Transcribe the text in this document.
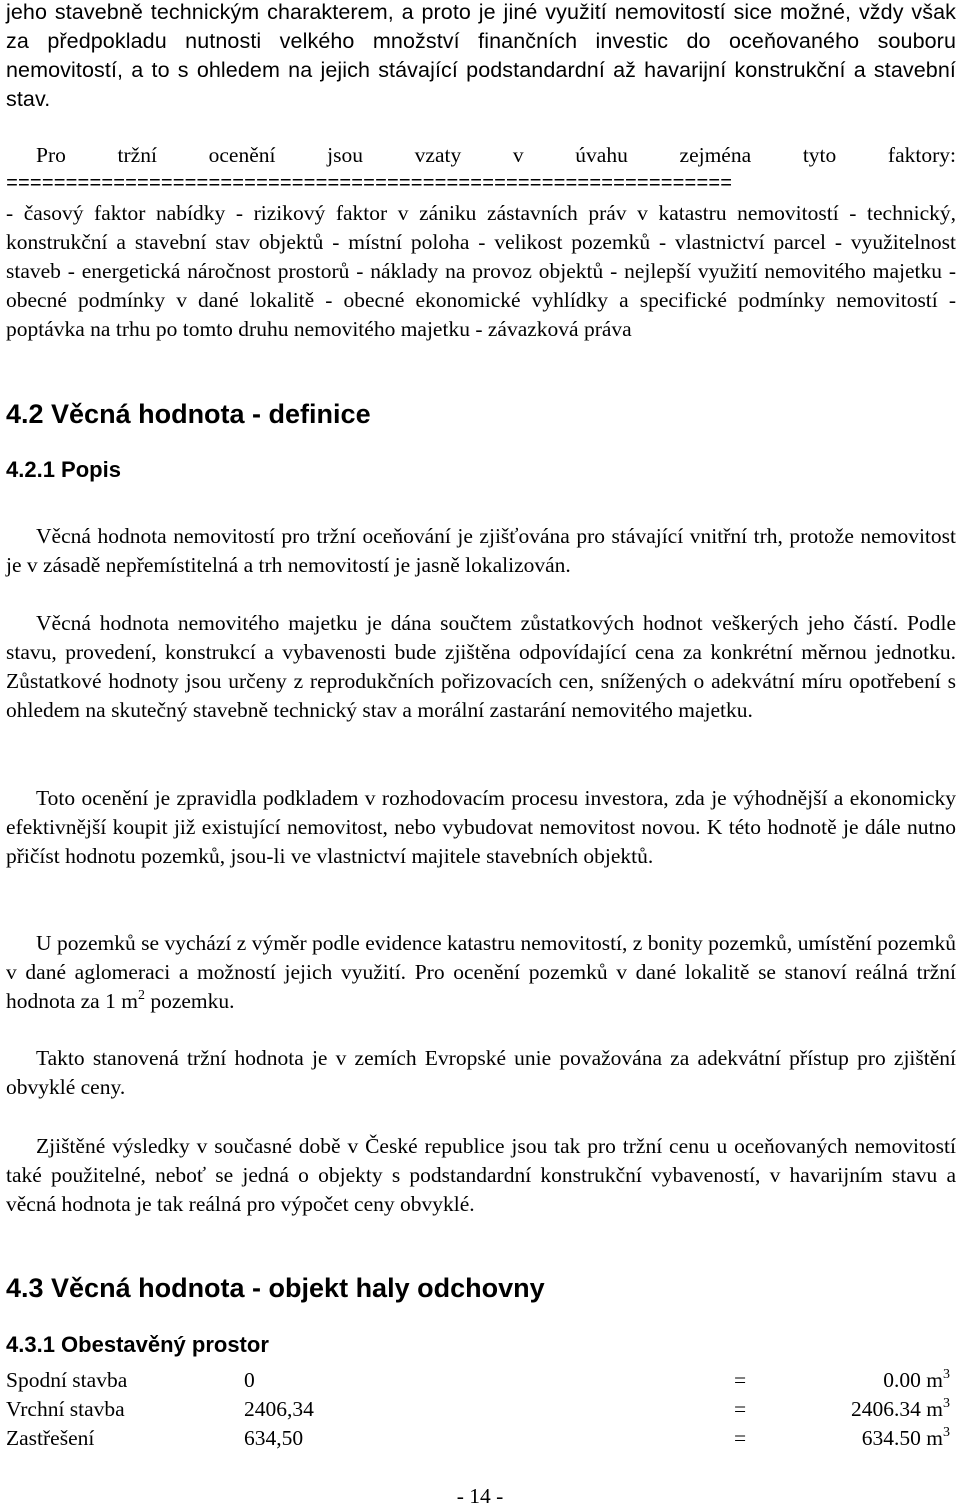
jeho stavebně technickým charakterem, a proto je jiné využití nemovitostí sice možné, vždy však za předpokladu nutnosti velkého množství finančních investic do oceňovaného souboru nemovitostí, a to s ohledem na jejich stávající podstandardní až havarijní konstrukční a stavební stav.

Pro tržní ocenění jsou vzaty v úvahu zejména tyto faktory:

=============================================================

- časový faktor nabídky - rizikový faktor v zániku zástavních práv v katastru nemovitostí - technický, konstrukční a stavební stav objektů - místní poloha - velikost pozemků - vlastnictví parcel - využitelnost staveb - energetická náročnost prostorů - náklady na provoz objektů - nejlepší využití nemovitého majetku - obecné podmínky v dané lokalitě - obecné ekonomické vyhlídky a specifické podmínky nemovitostí - poptávka na trhu po tomto druhu nemovitého majetku - závazková práva

4.2 Věcná hodnota - definice
4.2.1 Popis

Věcná hodnota nemovitostí pro tržní oceňování je zjišťována pro stávající vnitřní trh, protože nemovitost je v zásadě nepřemístitelná a trh nemovitostí je jasně lokalizován.

Věcná hodnota nemovitého majetku je dána součtem zůstatkových hodnot veškerých jeho částí. Podle stavu, provedení, konstrukcí a vybavenosti bude zjištěna odpovídající cena za konkrétní měrnou jednotku. Zůstatkové hodnoty jsou určeny z reprodukčních pořizovacích cen, snížených o adekvátní míru opotřebení s ohledem na skutečný stavebně technický stav a morální zastarání nemovitého majetku.

Toto ocenění je zpravidla podkladem v rozhodovacím procesu investora, zda je výhodnější a ekonomicky efektivnější koupit již existující nemovitost, nebo vybudovat nemovitost novou. K této hodnotě je dále nutno přičíst hodnotu pozemků, jsou-li ve vlastnictví majitele stavebních objektů.

U pozemků se vychází z výměr podle evidence katastru nemovitostí, z bonity pozemků, umístění pozemků v dané aglomeraci a možností jejich využití. Pro ocenění pozemků v dané lokalitě se stanoví reálná tržní hodnota za 1 $m^2$ pozemku.

Takto stanovená tržní hodnota je v zemích Evropské unie považována za adekvátní přístup pro zjištění obvyklé ceny.

Zjištěné výsledky v současné době v České republice jsou tak pro tržní cenu u oceňovaných nemovitostí také použitelné, neboť se jedná o objekty s podstandardní konstrukční vybaveností, v havarijním stavu a věcná hodnota je tak reálná pro výpočet ceny obvyklé.

4.3 Věcná hodnota - objekt haly odchovny
4.3.1 Obestavěný prostor
Spodní stavba	0	=	0.00 $m^3$
Vrchní stavba	2406,34	=	2406.34 $m^3$
Zastřešení	634,50	=	634.50 $m^3$
- 14 -
